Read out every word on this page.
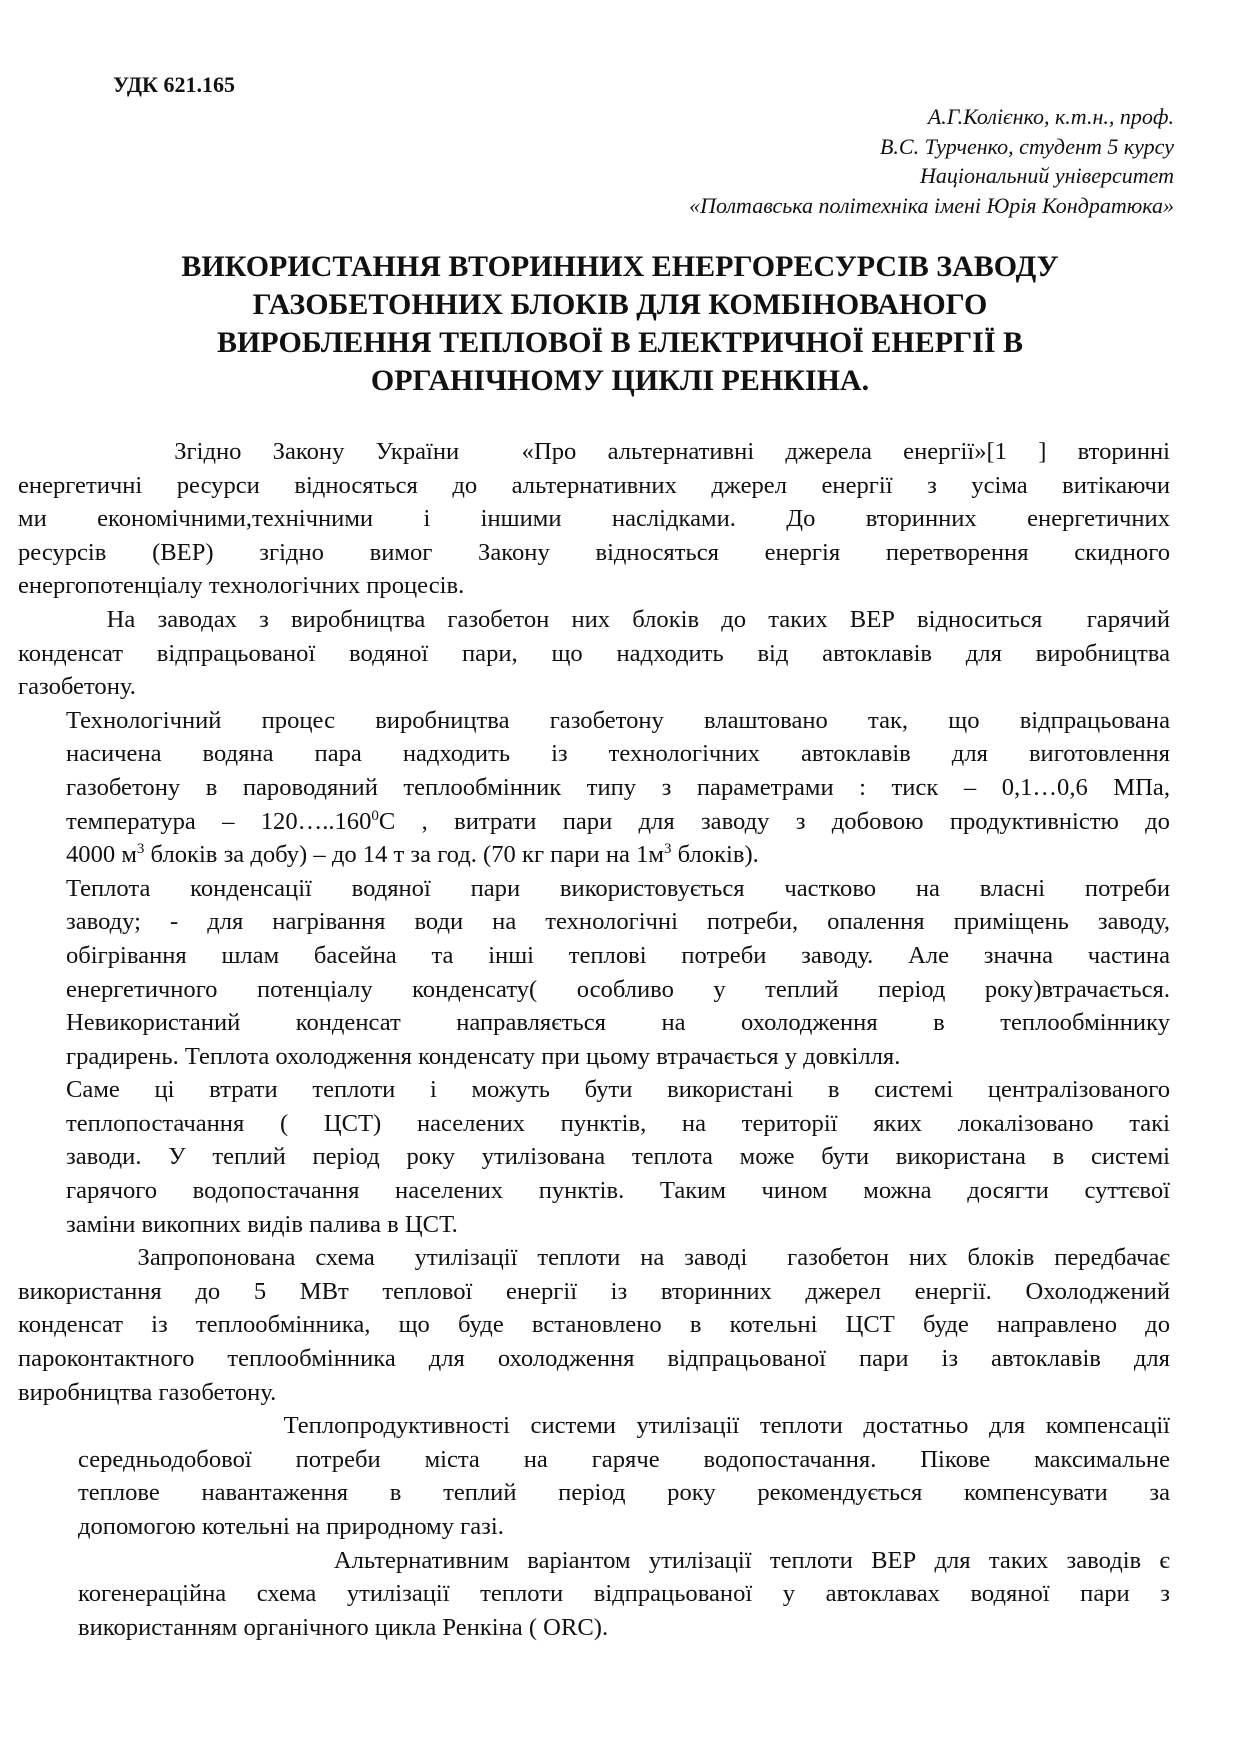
УДК 621.165
А.Г.Колієнко, к.т.н., проф.
В.С. Турченко, студент 5 курсу
Національний університет
«Полтавська політехніка імені Юрія Кондратюка»
ВИКОРИСТАННЯ ВТОРИННИХ ЕНЕРГОРЕСУРСІВ ЗАВОДУ
ГАЗОБЕТОННИХ БЛОКІВ ДЛЯ КОМБІНОВАНОГО
ВИРОБЛЕННЯ ТЕПЛОВОЇ В ЕЛЕКТРИЧНОЇ ЕНЕРГІЇ В
ОРГАНІЧНОМУ ЦИКЛІ РЕНКІНА.
Згідно Закону України  «Про альтернативні джерела енергії»[1 ] вторинні
енергетичні ресурси відносяться до альтернативних джерел енергії з усіма витікаючи
ми економічними,технічними і іншими наслідками. До вторинних енергетичних
ресурсів (ВЕР) згідно вимог Закону відносяться енергія перетворення скидного
енергопотенціалу технологічних процесів.
На заводах з виробництва газобетон них блоків до таких ВЕР відноситься  гарячий
конденсат відпрацьованої водяної пари, що надходить від автоклавів для виробництва
газобетону.
Технологічний процес виробництва газобетону влаштовано так, що відпрацьована
насичена водяна пара надходить із технологічних автоклавів для виготовлення
газобетону в пароводяний теплообмінник типу з параметрами : тиск – 0,1…0,6 МПа,
температура – 120…..160$^0$С , витрати пари для заводу з добовою продуктивністю до
4000 $м^3$ блоків за добу) – до 14 т за год. (70 кг пари на $1м^3$ блоків).
Теплота конденсації водяної пари використовується частково на власні потреби
заводу; - для нагрівання води на технологічні потреби, опалення приміщень заводу,
обігрівання шлам басейна та інші теплові потреби заводу. Але значна частина
енергетичного потенціалу конденсату( особливо у теплий період року)втрачається.
Невикористаний конденсат направляється на охолодження в теплообміннику
градирень. Теплота охолодження конденсату при цьому втрачається у довкілля.
Саме ці втрати теплоти і можуть бути використані в системі централізованого
теплопостачання ( ЦСТ) населених пунктів, на території яких локалізовано такі
заводи. У теплий період року утилізована теплота може бути використана в системі
гарячого водопостачання населених пунктів. Таким чином можна досягти суттєвої
заміни викопних видів палива в ЦСТ.
Запропонована схема  утилізації теплоти на заводі  газобетон них блоків передбачає
використання до 5 МВт теплової енергії із вторинних джерел енергії. Охолоджений
конденсат із теплообмінника, що буде встановлено в котельні ЦСТ буде направлено до
пароконтактного теплообмінника для охолодження відпрацьованої пари із автоклавів для
виробництва газобетону.
Теплопродуктивності системи утилізації теплоти достатньо для компенсації
середньодобової потреби міста на гаряче водопостачання. Пікове максимальне
теплове навантаження в теплий період року рекомендується компенсувати за
допомогою котельні на природному газі.
Альтернативним варіантом утилізації теплоти ВЕР для таких заводів є
когенераційна схема утилізації теплоти відпрацьованої у автоклавах водяної пари з
використанням органічного цикла Ренкіна ( ORC).
